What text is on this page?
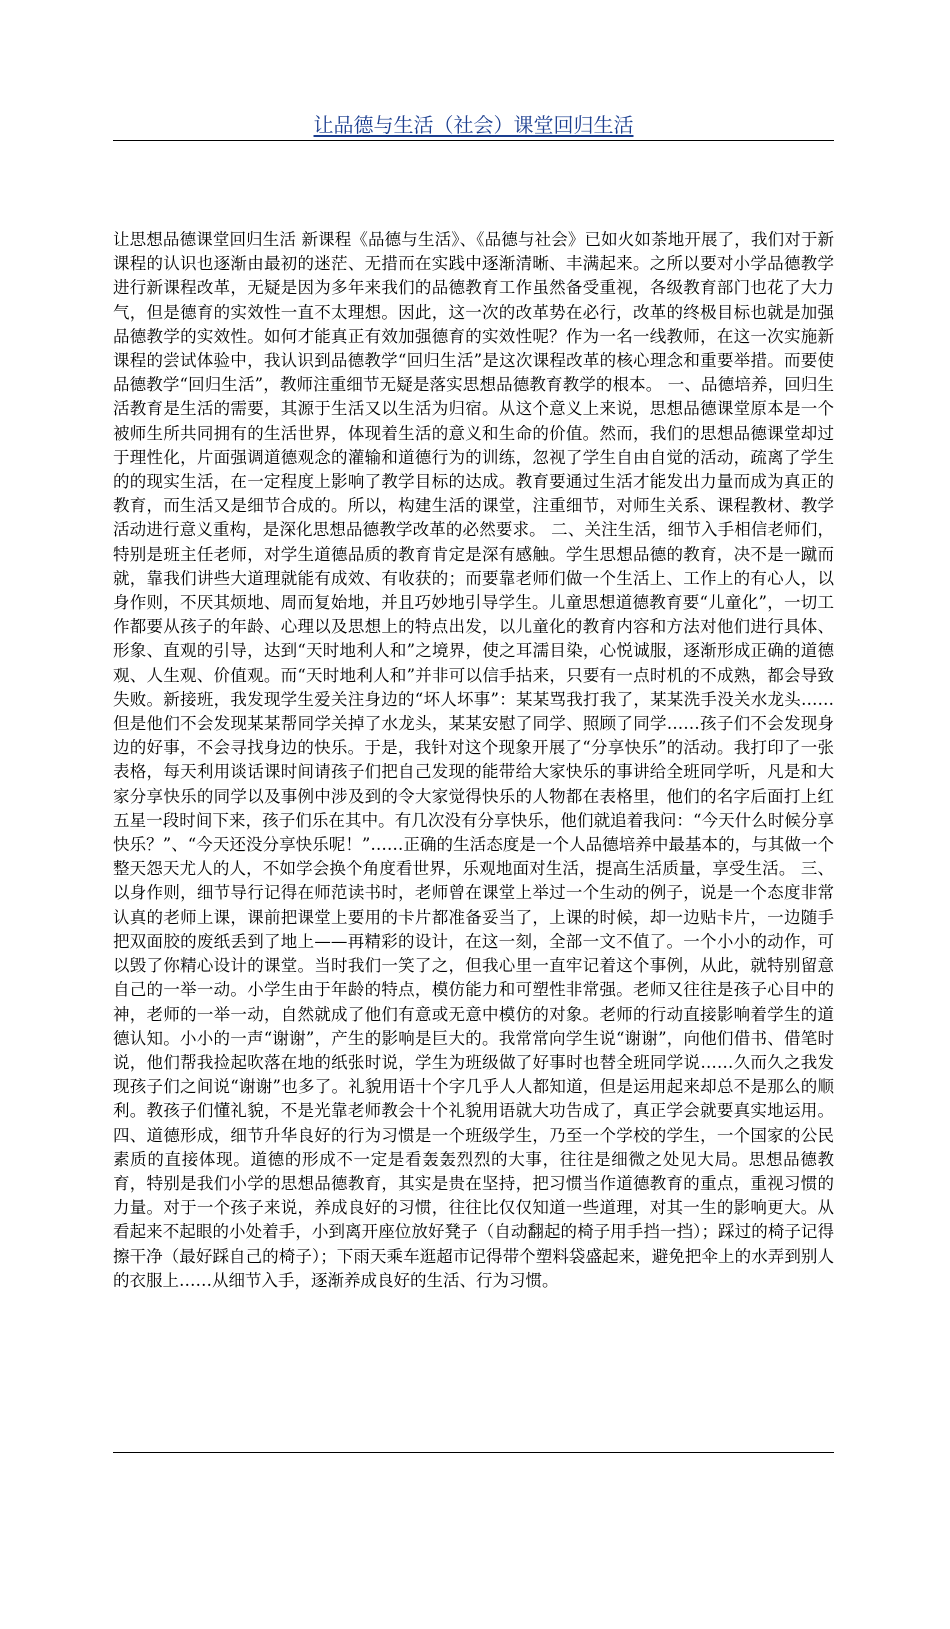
让品德与生活（社会）课堂回归生活

让思想品德课堂回归生活 新课程《品德与生活》、《品德与社会》已如火如荼地开展了，我们对于新课程的认识也逐渐由最初的迷茫、无措而在实践中逐渐清晰、丰满起来。之所以要对小学品德教学进行新课程改革，无疑是因为多年来我们的品德教育工作虽然备受重视，各级教育部门也花了大力气，但是德育的实效性一直不太理想。因此，这一次的改革势在必行，改革的终极目标也就是加强品德教学的实效性。如何才能真正有效加强德育的实效性呢？作为一名一线教师，在这一次实施新课程的尝试体验中，我认识到品德教学“回归生活”是这次课程改革的核心理念和重要举措。而要使品德教学“回归生活”，教师注重细节无疑是落实思想品德教育教学的根本。 一、品德培养，回归生活教育是生活的需要，其源于生活又以生活为归宿。从这个意义上来说，思想品德课堂原本是一个被师生所共同拥有的生活世界，体现着生活的意义和生命的价值。然而，我们的思想品德课堂却过于理性化，片面强调道德观念的灌输和道德行为的训练，忽视了学生自由自觉的活动，疏离了学生的的现实生活，在一定程度上影响了教学目标的达成。教育要通过生活才能发出力量而成为真正的教育，而生活又是细节合成的。所以，构建生活的课堂，注重细节，对师生关系、课程教材、教学活动进行意义重构，是深化思想品德教学改革的必然要求。 二、关注生活，细节入手相信老师们，特别是班主任老师，对学生道德品质的教育肯定是深有感触。学生思想品德的教育，决不是一蹴而就，靠我们讲些大道理就能有成效、有收获的；而要靠老师们做一个生活上、工作上的有心人，以身作则，不厌其烦地、周而复始地，并且巧妙地引导学生。儿童思想道德教育要“儿童化”，一切工作都要从孩子的年龄、心理以及思想上的特点出发，以儿童化的教育内容和方法对他们进行具体、形象、直观的引导，达到“天时地利人和”之境界，使之耳濡目染，心悦诚服，逐渐形成正确的道德观、人生观、价值观。而“天时地利人和”并非可以信手拈来，只要有一点时机的不成熟，都会导致失败。新接班，我发现学生爱关注身边的“坏人坏事”：某某骂我打我了，某某洗手没关水龙头……但是他们不会发现某某帮同学关掉了水龙头，某某安慰了同学、照顾了同学……孩子们不会发现身边的好事，不会寻找身边的快乐。于是，我针对这个现象开展了“分享快乐”的活动。我打印了一张表格，每天利用谈话课时间请孩子们把自己发现的能带给大家快乐的事讲给全班同学听，凡是和大家分享快乐的同学以及事例中涉及到的令大家觉得快乐的人物都在表格里，他们的名字后面打上红五星一段时间下来，孩子们乐在其中。有几次没有分享快乐，他们就追着我问：“今天什么时候分享快乐？”、“今天还没分享快乐呢！”……正确的生活态度是一个人品德培养中最基本的，与其做一个整天怨天尤人的人，不如学会换个角度看世界，乐观地面对生活，提高生活质量，享受生活。 三、以身作则，细节导行记得在师范读书时，老师曾在课堂上举过一个生动的例子，说是一个态度非常认真的老师上课，课前把课堂上要用的卡片都准备妥当了，上课的时候，却一边贴卡片，一边随手把双面胶的废纸丢到了地上——再精彩的设计，在这一刻，全部一文不值了。一个小小的动作，可以毁了你精心设计的课堂。当时我们一笑了之，但我心里一直牢记着这个事例，从此，就特别留意自己的一举一动。小学生由于年龄的特点，模仿能力和可塑性非常强。老师又往往是孩子心目中的神，老师的一举一动，自然就成了他们有意或无意中模仿的对象。老师的行动直接影响着学生的道德认知。小小的一声“谢谢”，产生的影响是巨大的。我常常向学生说“谢谢”，向他们借书、借笔时说，他们帮我捡起吹落在地的纸张时说，学生为班级做了好事时也替全班同学说……久而久之我发现孩子们之间说“谢谢”也多了。礼貌用语十个字几乎人人都知道，但是运用起来却总不是那么的顺利。教孩子们懂礼貌，不是光靠老师教会十个礼貌用语就大功告成了，真正学会就要真实地运用。四、道德形成，细节升华良好的行为习惯是一个班级学生，乃至一个学校的学生，一个国家的公民素质的直接体现。道德的形成不一定是看轰轰烈烈的大事，往往是细微之处见大局。思想品德教育，特别是我们小学的思想品德教育，其实是贵在坚持，把习惯当作道德教育的重点，重视习惯的力量。对于一个孩子来说，养成良好的习惯，往往比仅仅知道一些道理，对其一生的影响更大。从看起来不起眼的小处着手，小到离开座位放好凳子（自动翻起的椅子用手挡一挡）；踩过的椅子记得擦干净（最好踩自己的椅子）；下雨天乘车逛超市记得带个塑料袋盛起来，避免把伞上的水弄到别人的衣服上……从细节入手，逐渐养成良好的生活、行为习惯。
